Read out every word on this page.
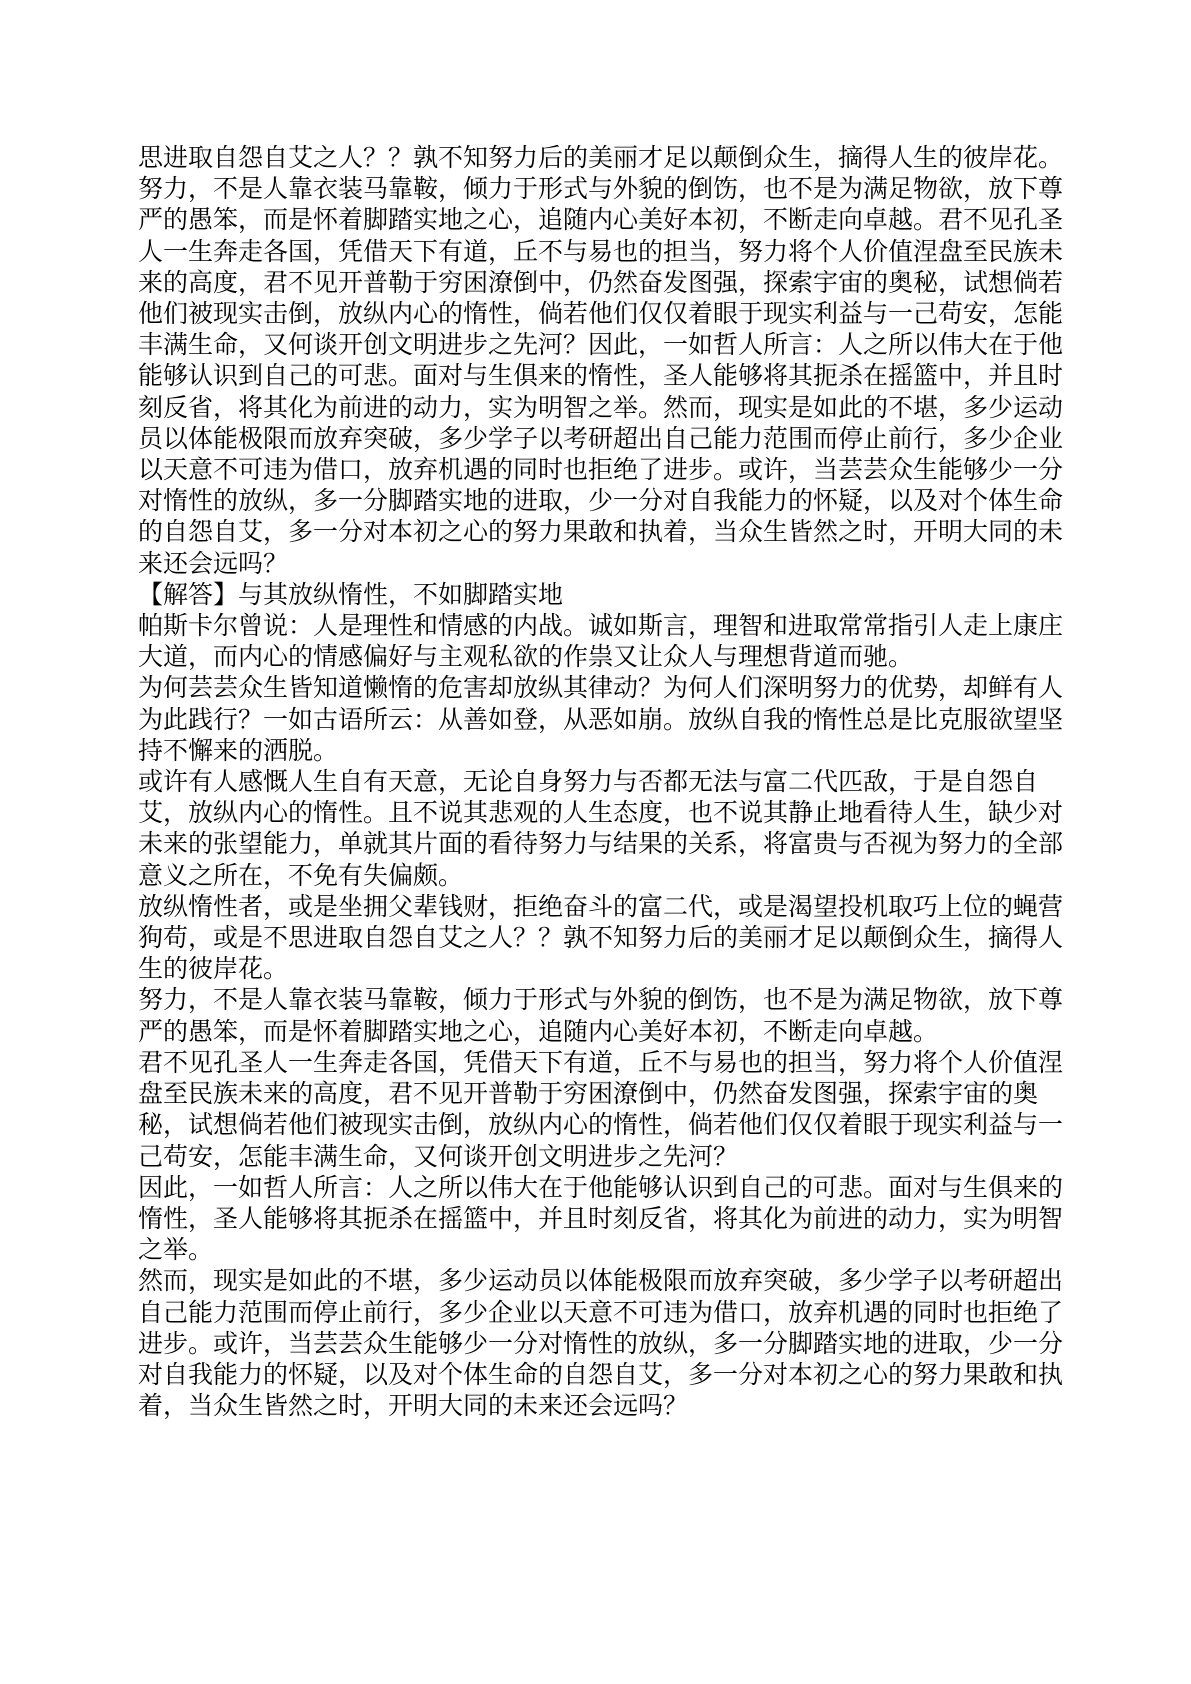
思进取自怨自艾之人？？孰不知努力后的美丽才足以颠倒众生，摘得人生的彼岸花。

努力，不是人靠衣装马靠鞍，倾力于形式与外貌的倒饬，也不是为满足物欲，放下尊

严的愚笨，而是怀着脚踏实地之心，追随内心美好本初，不断走向卓越。君不见孔圣

人一生奔走各国，凭借天下有道，丘不与易也的担当，努力将个人价值涅盘至民族未

来的高度，君不见开普勒于穷困潦倒中，仍然奋发图强，探索宇宙的奥秘，试想倘若

他们被现实击倒，放纵内心的惰性，倘若他们仅仅着眼于现实利益与一己苟安，怎能

丰满生命，又何谈开创文明进步之先河？因此，一如哲人所言：人之所以伟大在于他

能够认识到自己的可悲。面对与生俱来的惰性，圣人能够将其扼杀在摇篮中，并且时

刻反省，将其化为前进的动力，实为明智之举。然而，现实是如此的不堪，多少运动

员以体能极限而放弃突破，多少学子以考研超出自己能力范围而停止前行，多少企业

以天意不可违为借口，放弃机遇的同时也拒绝了进步。或许，当芸芸众生能够少一分

对惰性的放纵，多一分脚踏实地的进取，少一分对自我能力的怀疑，以及对个体生命

的自怨自艾，多一分对本初之心的努力果敢和执着，当众生皆然之时，开明大同的未

来还会远吗？

【解答】与其放纵惰性，不如脚踏实地

帕斯卡尔曾说：人是理性和情感的内战。诚如斯言，理智和进取常常指引人走上康庄

大道，而内心的情感偏好与主观私欲的作祟又让众人与理想背道而驰。

为何芸芸众生皆知道懒惰的危害却放纵其律动？为何人们深明努力的优势，却鲜有人

为此践行？一如古语所云：从善如登，从恶如崩。放纵自我的惰性总是比克服欲望坚

持不懈来的洒脱。

或许有人感慨人生自有天意，无论自身努力与否都无法与富二代匹敌，于是自怨自

艾，放纵内心的惰性。且不说其悲观的人生态度，也不说其静止地看待人生，缺少对

未来的张望能力，单就其片面的看待努力与结果的关系，将富贵与否视为努力的全部

意义之所在，不免有失偏颇。

放纵惰性者，或是坐拥父辈钱财，拒绝奋斗的富二代，或是渴望投机取巧上位的蝇营

狗苟，或是不思进取自怨自艾之人？？孰不知努力后的美丽才足以颠倒众生，摘得人

生的彼岸花。

努力，不是人靠衣装马靠鞍，倾力于形式与外貌的倒饬，也不是为满足物欲，放下尊

严的愚笨，而是怀着脚踏实地之心，追随内心美好本初，不断走向卓越。

君不见孔圣人一生奔走各国，凭借天下有道，丘不与易也的担当，努力将个人价值涅

盘至民族未来的高度，君不见开普勒于穷困潦倒中，仍然奋发图强，探索宇宙的奥

秘，试想倘若他们被现实击倒，放纵内心的惰性，倘若他们仅仅着眼于现实利益与一

己苟安，怎能丰满生命，又何谈开创文明进步之先河？

因此，一如哲人所言：人之所以伟大在于他能够认识到自己的可悲。面对与生俱来的

惰性，圣人能够将其扼杀在摇篮中，并且时刻反省，将其化为前进的动力，实为明智

之举。

然而，现实是如此的不堪，多少运动员以体能极限而放弃突破，多少学子以考研超出

自己能力范围而停止前行，多少企业以天意不可违为借口，放弃机遇的同时也拒绝了

进步。或许，当芸芸众生能够少一分对惰性的放纵，多一分脚踏实地的进取，少一分

对自我能力的怀疑，以及对个体生命的自怨自艾，多一分对本初之心的努力果敢和执

着，当众生皆然之时，开明大同的未来还会远吗？
